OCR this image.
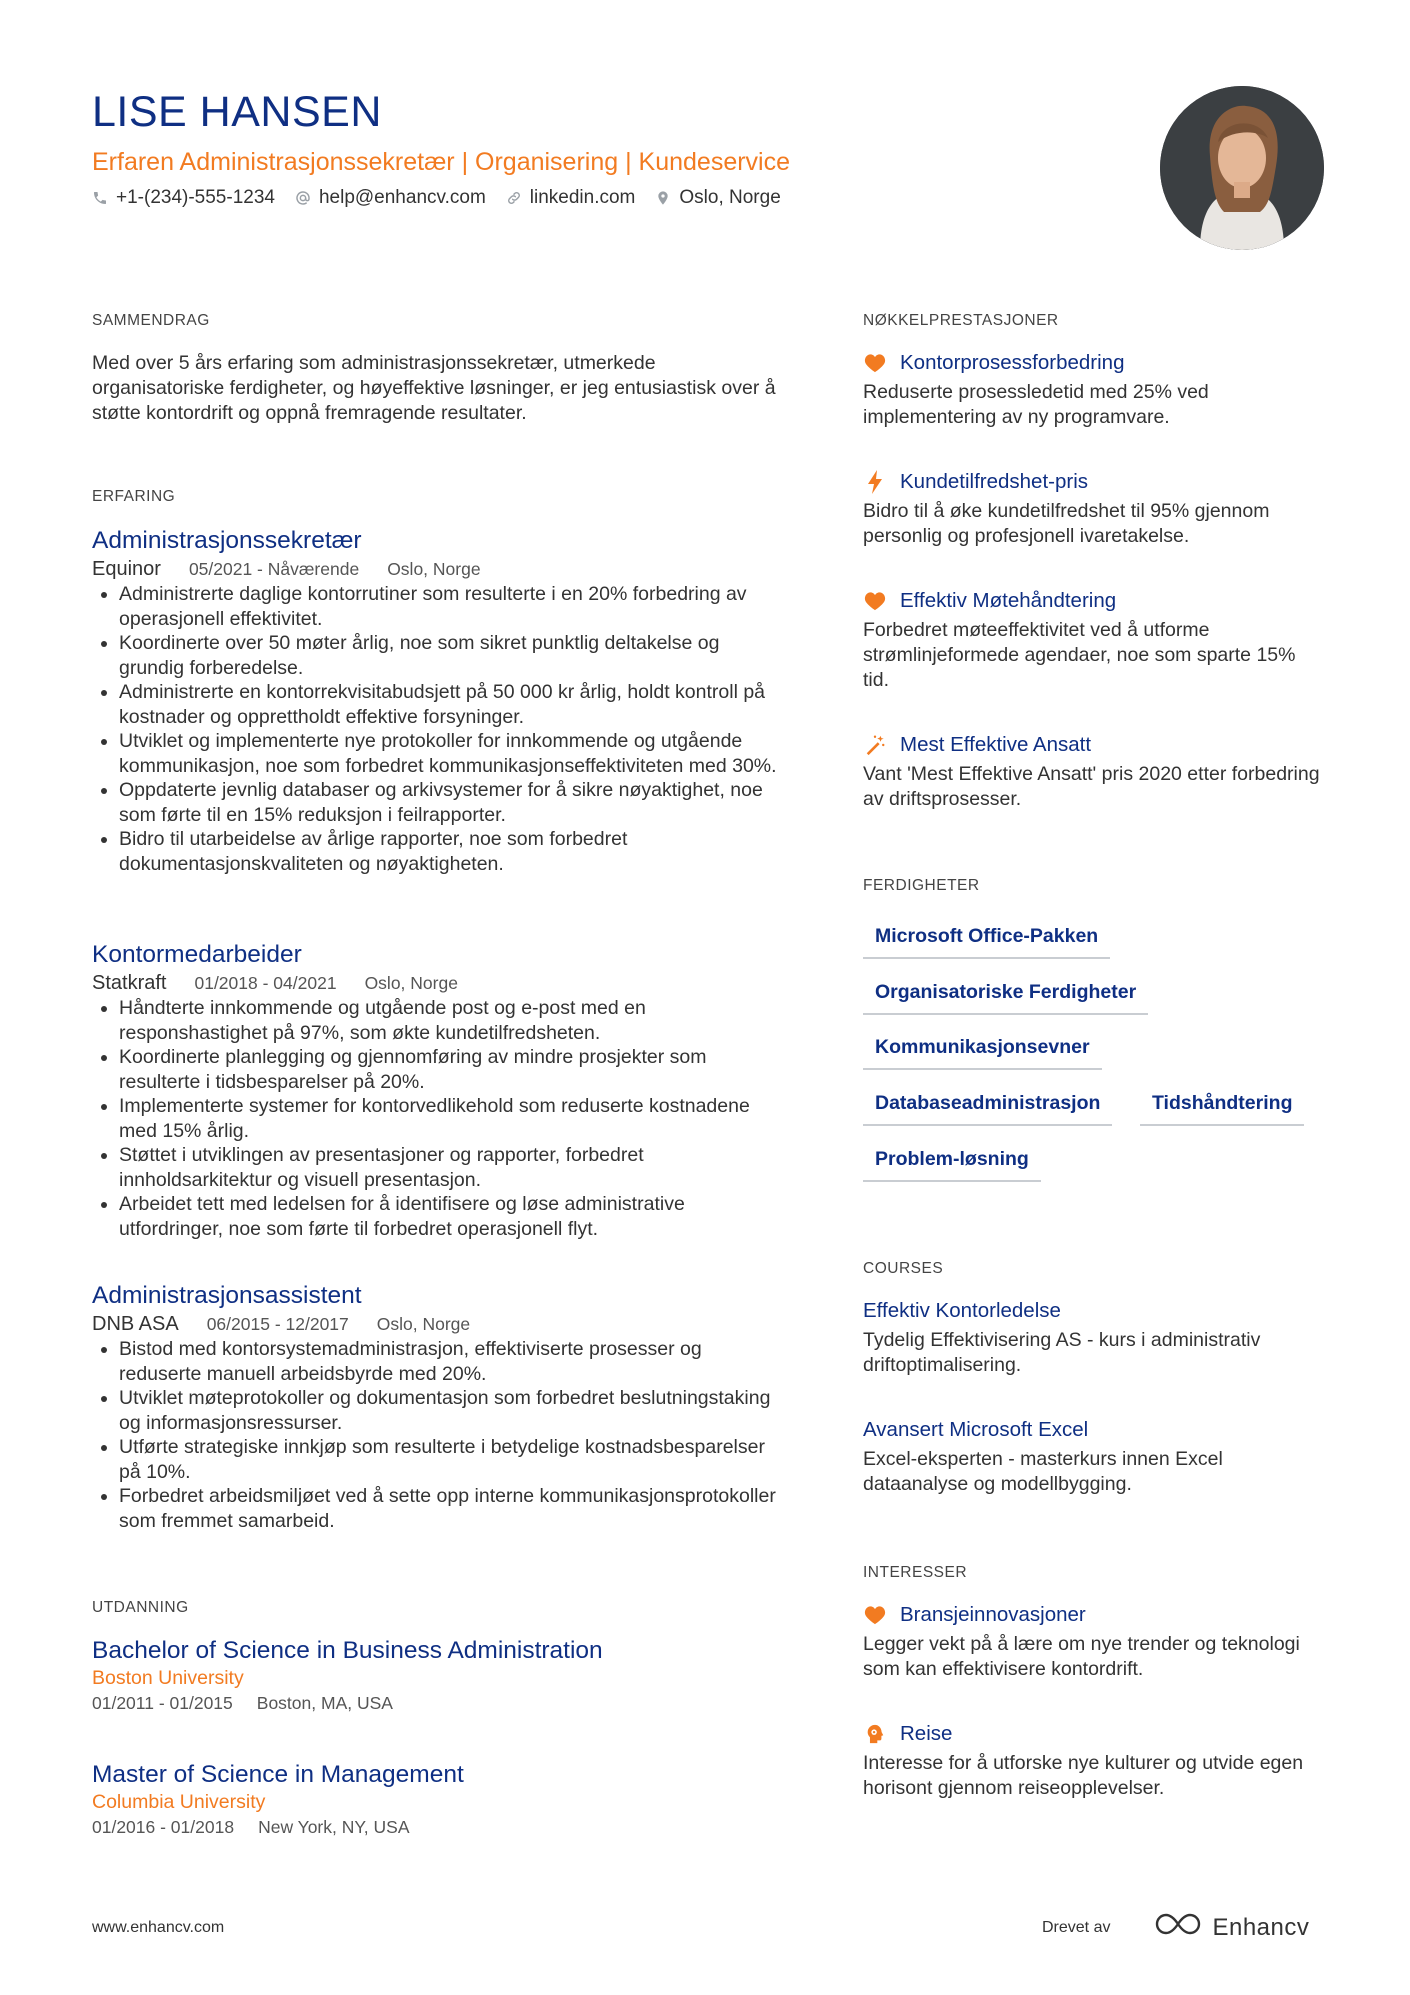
LISE HANSEN
Erfaren Administrasjonssekretær | Organisering | Kundeservice
+1-(234)-555-1234 help@enhancv.com linkedin.com Oslo, Norge
SAMMENDRAG
Med over 5 års erfaring som administrasjonssekretær, utmerkede organisatoriske ferdigheter, og høyeffektive løsninger, er jeg entusiastisk over å støtte kontordrift og oppnå fremragende resultater.
ERFARING
Administrasjonssekretær
Equinor 05/2021 - Nåværende Oslo, Norge
• Administrerte daglige kontorrutiner som resulterte i en 20% forbedring av operasjonell effektivitet.
• Koordinerte over 50 møter årlig, noe som sikret punktlig deltakelse og grundig forberedelse.
• Administrerte en kontorrekvisitabudsjett på 50 000 kr årlig, holdt kontroll på kostnader og opprettholdt effektive forsyninger.
• Utviklet og implementerte nye protokoller for innkommende og utgående kommunikasjon, noe som forbedret kommunikasjonseffektiviteten med 30%.
• Oppdaterte jevnlig databaser og arkivsystemer for å sikre nøyaktighet, noe som førte til en 15% reduksjon i feilrapporter.
• Bidro til utarbeidelse av årlige rapporter, noe som forbedret dokumentasjonskvaliteten og nøyaktigheten.
Kontormedarbeider
Statkraft 01/2018 - 04/2021 Oslo, Norge
• Håndterte innkommende og utgående post og e-post med en responshastighet på 97%, som økte kundetilfredsheten.
• Koordinerte planlegging og gjennomføring av mindre prosjekter som resulterte i tidsbesparelser på 20%.
• Implementerte systemer for kontorvedlikehold som reduserte kostnadene med 15% årlig.
• Støttet i utviklingen av presentasjoner og rapporter, forbedret innholdsarkitektur og visuell presentasjon.
• Arbeidet tett med ledelsen for å identifisere og løse administrative utfordringer, noe som førte til forbedret operasjonell flyt.
Administrasjonsassistent
DNB ASA 06/2015 - 12/2017 Oslo, Norge
• Bistod med kontorsystemadministrasjon, effektiviserte prosesser og reduserte manuell arbeidsbyrde med 20%.
• Utviklet møteprotokoller og dokumentasjon som forbedret beslutningstaking og informasjonsressurser.
• Utførte strategiske innkjøp som resulterte i betydelige kostnadsbesparelser på 10%.
• Forbedret arbeidsmiljøet ved å sette opp interne kommunikasjonsprotokoller som fremmet samarbeid.
UTDANNING
Bachelor of Science in Business Administration
Boston University
01/2011 - 01/2015 Boston, MA, USA
Master of Science in Management
Columbia University
01/2016 - 01/2018 New York, NY, USA
NØKKELPRESTASJONER
Kontorprosessforbedring
Reduserte prosessledetid med 25% ved implementering av ny programvare.
Kundetilfredshet-pris
Bidro til å øke kundetilfredshet til 95% gjennom personlig og profesjonell ivaretakelse.
Effektiv Møtehåndtering
Forbedret møteeffektivitet ved å utforme strømlinjeformede agendaer, noe som sparte 15% tid.
Mest Effektive Ansatt
Vant 'Mest Effektive Ansatt' pris 2020 etter forbedring av driftsprosesser.
FERDIGHETER
Microsoft Office-Pakken
Organisatoriske Ferdigheter
Kommunikasjonsevner
Databaseadministrasjon	Tidshåndtering
Problem-løsning
COURSES
Effektiv Kontorledelse
Tydelig Effektivisering AS - kurs i administrativ driftoptimalisering.
Avansert Microsoft Excel
Excel-eksperten - masterkurs innen Excel dataanalyse og modellbygging.
INTERESSER
Bransjeinnovasjoner
Legger vekt på å lære om nye trender og teknologi som kan effektivisere kontordrift.
Reise
Interesse for å utforske nye kulturer og utvide egen horisont gjennom reiseopplevelser.
www.enhancv.com	Drevet av	Enhancv
